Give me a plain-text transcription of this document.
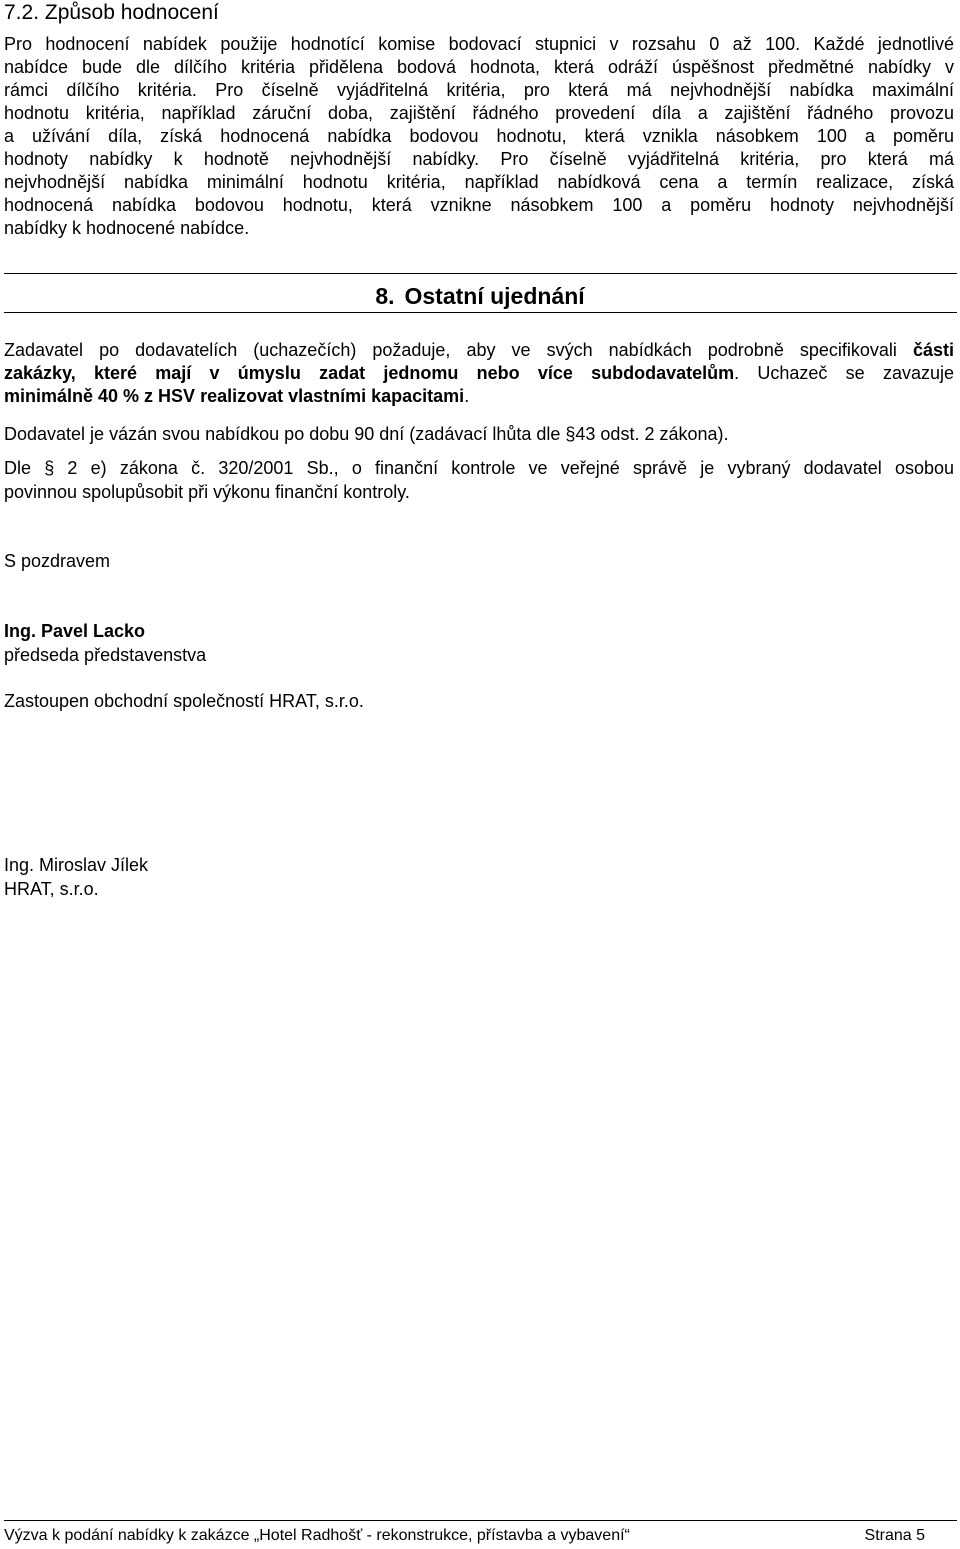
7.2. Způsob hodnocení
Pro hodnocení nabídek použije hodnotící komise bodovací stupnici v rozsahu 0 až 100. Každé jednotlivé
nabídce bude dle dílčího kritéria přidělena bodová hodnota, která odráží úspěšnost předmětné nabídky v
rámci dílčího kritéria. Pro číselně vyjádřitelná kritéria, pro která má nejvhodnější nabídka maximální
hodnotu kritéria, například záruční doba, zajištění řádného provedení díla a zajištění řádného provozu
a užívání díla, získá hodnocená nabídka bodovou hodnotu, která vznikla násobkem 100 a poměru
hodnoty nabídky k hodnotě nejvhodnější nabídky. Pro číselně vyjádřitelná kritéria, pro která má
nejvhodnější nabídka minimální hodnotu kritéria, například nabídková cena a termín realizace, získá
hodnocená nabídka bodovou hodnotu, která vznikne násobkem 100 a poměru hodnoty nejvhodnější
nabídky k hodnocené nabídce.
8. Ostatní ujednání
Zadavatel po dodavatelích (uchazečích) požaduje, aby ve svých nabídkách podrobně specifikovali části
zakázky, které mají v úmyslu zadat jednomu nebo více subdodavatelům. Uchazeč se zavazuje
minimálně 40 % z HSV realizovat vlastními kapacitami.
Dodavatel je vázán svou nabídkou po dobu 90 dní (zadávací lhůta dle §43 odst. 2 zákona).
Dle § 2 e) zákona č. 320/2001 Sb., o finanční kontrole ve veřejné správě je vybraný dodavatel osobou
povinnou spolupůsobit při výkonu finanční kontroly.
S pozdravem
Ing. Pavel Lacko
předseda představenstva
Zastoupen obchodní společností HRAT, s.r.o.
Ing. Miroslav Jílek
HRAT, s.r.o.
Výzva k podání nabídky k zakázce „Hotel Radhošť - rekonstrukce, přístavba a vybavení“	Strana 5
